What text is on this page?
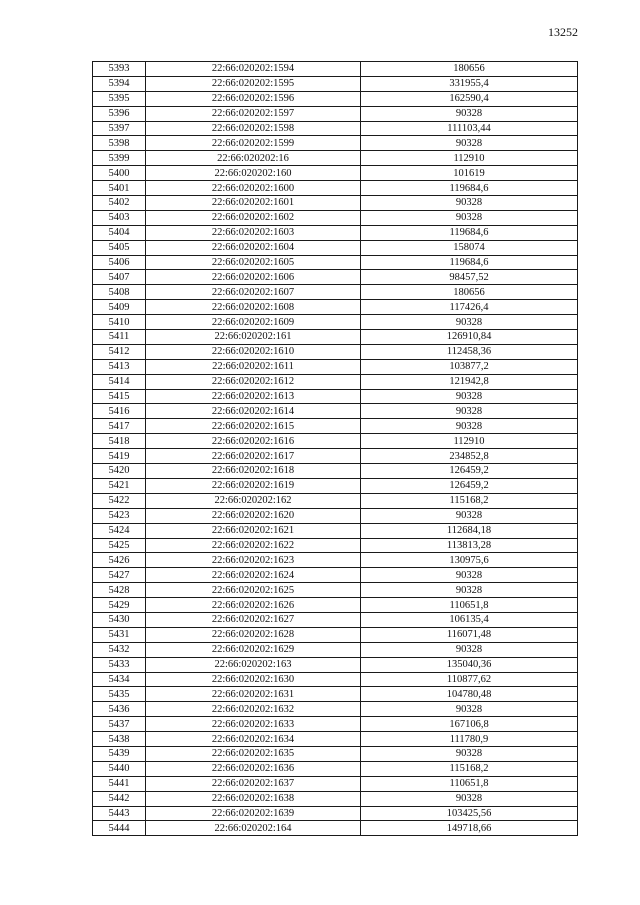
13252
5393	22:66:020202:1594	180656
5394	22:66:020202:1595	331955,4
5395	22:66:020202:1596	162590,4
5396	22:66:020202:1597	90328
5397	22:66:020202:1598	111103,44
5398	22:66:020202:1599	90328
5399	22:66:020202:16	112910
5400	22:66:020202:160	101619
5401	22:66:020202:1600	119684,6
5402	22:66:020202:1601	90328
5403	22:66:020202:1602	90328
5404	22:66:020202:1603	119684,6
5405	22:66:020202:1604	158074
5406	22:66:020202:1605	119684,6
5407	22:66:020202:1606	98457,52
5408	22:66:020202:1607	180656
5409	22:66:020202:1608	117426,4
5410	22:66:020202:1609	90328
5411	22:66:020202:161	126910,84
5412	22:66:020202:1610	112458,36
5413	22:66:020202:1611	103877,2
5414	22:66:020202:1612	121942,8
5415	22:66:020202:1613	90328
5416	22:66:020202:1614	90328
5417	22:66:020202:1615	90328
5418	22:66:020202:1616	112910
5419	22:66:020202:1617	234852,8
5420	22:66:020202:1618	126459,2
5421	22:66:020202:1619	126459,2
5422	22:66:020202:162	115168,2
5423	22:66:020202:1620	90328
5424	22:66:020202:1621	112684,18
5425	22:66:020202:1622	113813,28
5426	22:66:020202:1623	130975,6
5427	22:66:020202:1624	90328
5428	22:66:020202:1625	90328
5429	22:66:020202:1626	110651,8
5430	22:66:020202:1627	106135,4
5431	22:66:020202:1628	116071,48
5432	22:66:020202:1629	90328
5433	22:66:020202:163	135040,36
5434	22:66:020202:1630	110877,62
5435	22:66:020202:1631	104780,48
5436	22:66:020202:1632	90328
5437	22:66:020202:1633	167106,8
5438	22:66:020202:1634	111780,9
5439	22:66:020202:1635	90328
5440	22:66:020202:1636	115168,2
5441	22:66:020202:1637	110651,8
5442	22:66:020202:1638	90328
5443	22:66:020202:1639	103425,56
5444	22:66:020202:164	149718,66
